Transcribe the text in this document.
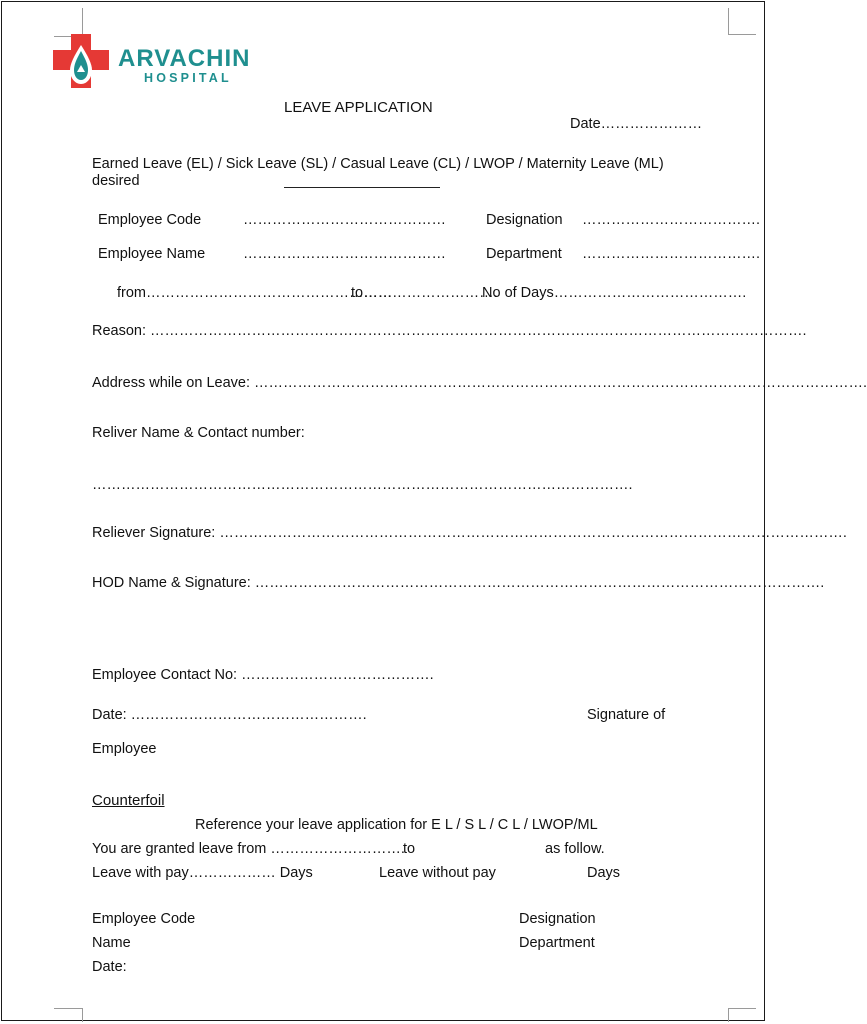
ARVACHIN
HOSPITAL
LEAVE APPLICATION
Date…………………
Earned Leave (EL) / Sick Leave (SL) / Casual Leave (CL) / LWOP / Maternity Leave (ML)
desired
Employee Code	……………………………………	Designation ……………………………….
Employee Name	……………………………………	Department ……………………………….
from……………………………………………
to……………………….
No of Days………………………………….
Reason: ……………………………………………………………………………………………………………………….
Address while on Leave: ……………………………………………………………………………………………………………….
Reliver Name & Contact number:
………………………………………………………………………………………………….
Reliever Signature: ………………………………………………………………………………………………………………….
HOD Name & Signature: ……………………………………………………………………………………………………….
Employee Contact No: ………………………………….
Date: ………………………………………….	Signature of
Employee
Counterfoil
Reference your leave application for E L / S L / C L / LWOP/ML
You are granted leave from ……………………….
to	as follow.
Leave with pay……………… Days	Leave without pay	Days
Employee Code	Designation
Name	Department
Date:
